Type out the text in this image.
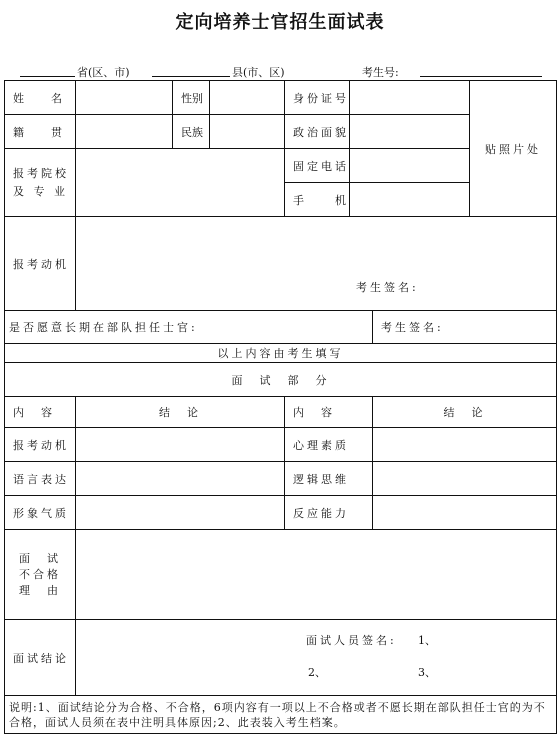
定向培养士官招生面试表
省(区、市)	县(市、区)	考生号:
姓　名		性别		身份证号			贴照片处
籍　贯		民族		政治面貌			

报考院校
及 专 业				固定电话			
				手　　机			
报考动机	考生签名:						

是否愿意长期在部队担任士官:						考生签名:	
以上内容由考生填写							
面　试　部　分							
内　容	结　论			内　容		结　论	
报考动机				心理素质			
语言表达				逻辑思维			
形象气质				反应能力			

面　试
不合格
理　由							

面试结论	面试人员签名: 1、
2、 3、						

说明:1、面试结论分为合格、不合格，6项内容有一项以上不合格或者不愿长期在部队担任士官的为不合格，面试人员须在表中注明具体原因;2、此表装入考生档案。							
